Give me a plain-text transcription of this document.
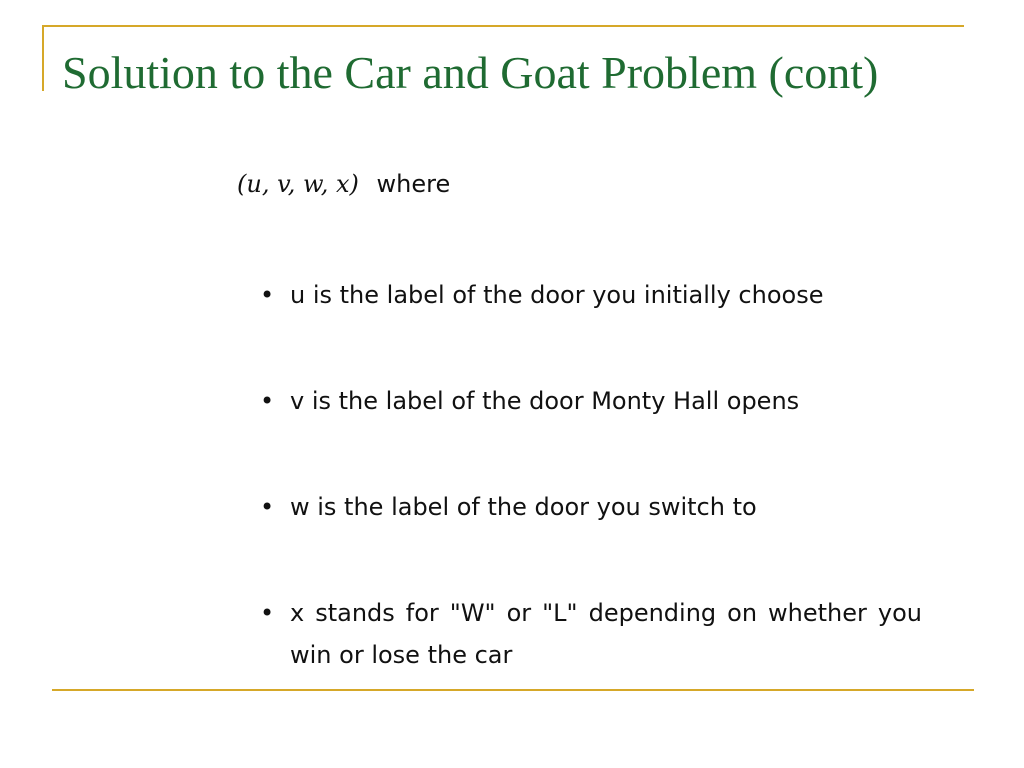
Solution to the Car and Goat Problem (cont)
(u, v, w, x) where
• u is the label of the door you initially choose
• v is the label of the door Monty Hall opens
• w is the label of the door you switch to
• x stands for "W" or "L" depending on whether you win or lose the car
